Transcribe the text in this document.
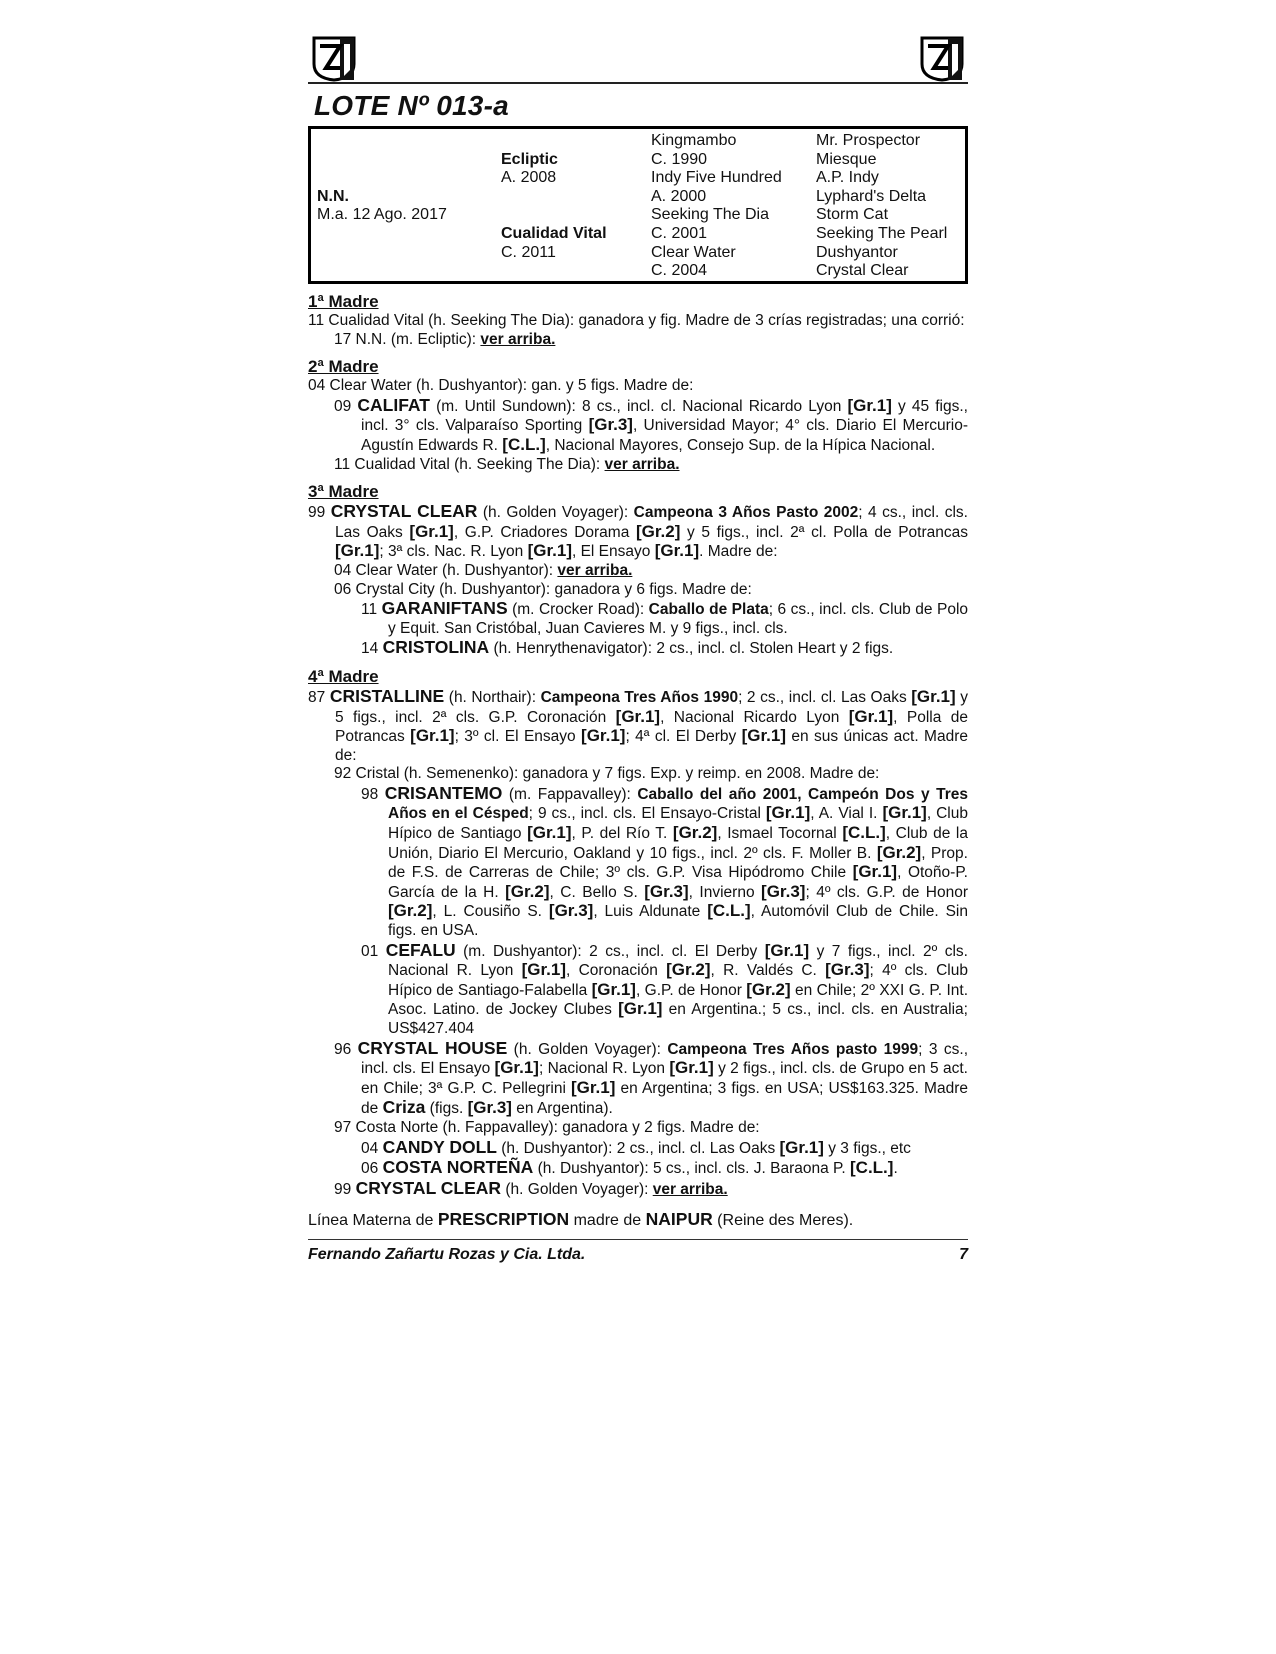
LOTE Nº 013-a
N.N.
M.a. 12 Ago. 2017
Ecliptic
A. 2008
Cualidad Vital
C. 2011
Kingmambo
C. 1990
Indy Five Hundred
A. 2000
Seeking The Dia
C. 2001
Clear Water
C. 2004
Mr. Prospector
Miesque
A.P. Indy
Lyphard's Delta
Storm Cat
Seeking The Pearl
Dushyantor
Crystal Clear
1ª Madre
11 Cualidad Vital (h. Seeking The Dia): ganadora y fig. Madre de 3 crías registradas; una corrió:
17 N.N. (m. Ecliptic): ver arriba.
2ª Madre
04 Clear Water (h. Dushyantor): gan. y 5 figs. Madre de:
09 CALIFAT (m. Until Sundown): 8 cs., incl. cl. Nacional Ricardo Lyon [Gr.1] y 45 figs., incl. 3° cls. Valparaíso Sporting [Gr.3], Universidad Mayor; 4° cls. Diario El Mercurio-Agustín Edwards R. [C.L.], Nacional Mayores, Consejo Sup. de la Hípica Nacional.
11 Cualidad Vital (h. Seeking The Dia): ver arriba.
3ª Madre
99 CRYSTAL CLEAR (h. Golden Voyager): Campeona 3 Años Pasto 2002; 4 cs., incl. cls. Las Oaks [Gr.1], G.P. Criadores Dorama [Gr.2] y 5 figs., incl. 2ª cl. Polla de Potrancas [Gr.1]; 3ª cls. Nac. R. Lyon [Gr.1], El Ensayo [Gr.1]. Madre de:
04 Clear Water (h. Dushyantor): ver arriba.
06 Crystal City (h. Dushyantor): ganadora y 6 figs. Madre de:
11 GARANIFTANS (m. Crocker Road): Caballo de Plata; 6 cs., incl. cls. Club de Polo y Equit. San Cristóbal, Juan Cavieres M. y 9 figs., incl. cls.
14 CRISTOLINA (h. Henrythenavigator): 2 cs., incl. cl. Stolen Heart y 2 figs.
4ª Madre
87 CRISTALLINE (h. Northair): Campeona Tres Años 1990; 2 cs., incl. cl. Las Oaks [Gr.1] y 5 figs., incl. 2ª cls. G.P. Coronación [Gr.1], Nacional Ricardo Lyon [Gr.1], Polla de Potrancas [Gr.1]; 3º cl. El Ensayo [Gr.1]; 4ª cl. El Derby [Gr.1] en sus únicas act. Madre de:
92 Cristal (h. Semenenko): ganadora y 7 figs. Exp. y reimp. en 2008. Madre de:
98 CRISANTEMO (m. Fappavalley): Caballo del año 2001, Campeón Dos y Tres Años en el Césped; 9 cs., incl. cls. El Ensayo-Cristal [Gr.1], A. Vial I. [Gr.1], Club Hípico de Santiago [Gr.1], P. del Río T. [Gr.2], Ismael Tocornal [C.L.], Club de la Unión, Diario El Mercurio, Oakland y 10 figs., incl. 2º cls. F. Moller B. [Gr.2], Prop. de F.S. de Carreras de Chile; 3º cls. G.P. Visa Hipódromo Chile [Gr.1], Otoño-P. García de la H. [Gr.2], C. Bello S. [Gr.3], Invierno [Gr.3]; 4º cls. G.P. de Honor [Gr.2], L. Cousiño S. [Gr.3], Luis Aldunate [C.L.], Automóvil Club de Chile. Sin figs. en USA.
01 CEFALU (m. Dushyantor): 2 cs., incl. cl. El Derby [Gr.1] y 7 figs., incl. 2º cls. Nacional R. Lyon [Gr.1], Coronación [Gr.2], R. Valdés C. [Gr.3]; 4º cls. Club Hípico de Santiago-Falabella [Gr.1], G.P. de Honor [Gr.2] en Chile; 2º XXI G. P. Int. Asoc. Latino. de Jockey Clubes [Gr.1] en Argentina.; 5 cs., incl. cls. en Australia; US$427.404
96 CRYSTAL HOUSE (h. Golden Voyager): Campeona Tres Años pasto 1999; 3 cs., incl. cls. El Ensayo [Gr.1]; Nacional R. Lyon [Gr.1] y 2 figs., incl. cls. de Grupo en 5 act. en Chile; 3ª G.P. C. Pellegrini [Gr.1] en Argentina; 3 figs. en USA; US$163.325. Madre de Criza (figs. [Gr.3] en Argentina).
97 Costa Norte (h. Fappavalley): ganadora y 2 figs. Madre de:
04 CANDY DOLL (h. Dushyantor): 2 cs., incl. cl. Las Oaks [Gr.1] y 3 figs., etc
06 COSTA NORTEÑA (h. Dushyantor): 5 cs., incl. cls. J. Baraona P. [C.L.].
99 CRYSTAL CLEAR (h. Golden Voyager): ver arriba.
Línea Materna de PRESCRIPTION madre de NAIPUR (Reine des Meres).
Fernando Zañartu Rozas y Cia. Ltda.	7
